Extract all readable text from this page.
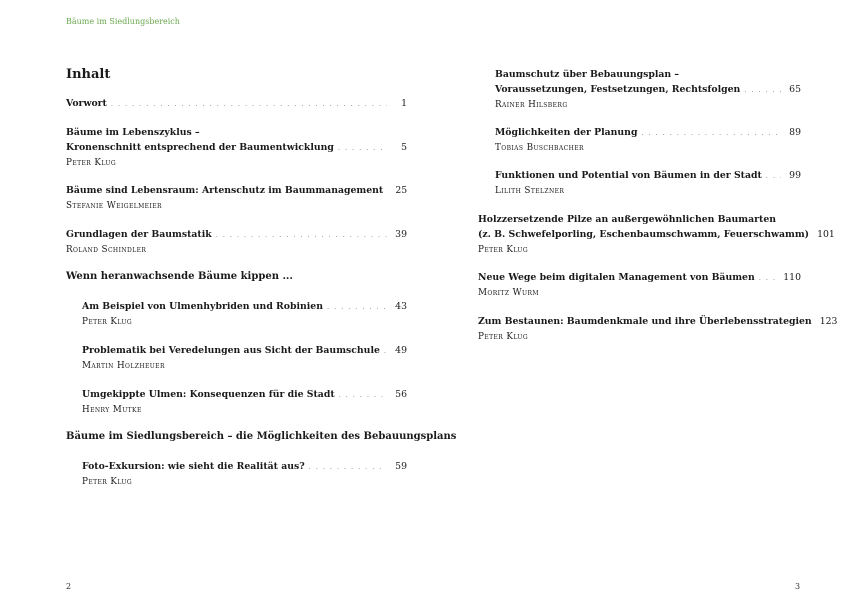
Bäume im Siedlungsbereich
Inhalt
Vorwort . . .	1
Bäume im Lebenszyklus –
Kronenschnitt entsprechend der Baumentwicklung . . .	5
Peter Klug
Bäume sind Lebensraum: Artenschutz im Baummanagement	25
Stefanie Weigelmeier
Grundlagen der Baumstatik . . .	39
Roland Schindler
Wenn heranwachsende Bäume kippen ...
Am Beispiel von Ulmenhybriden und Robinien . . .	43
Peter Klug
Problematik bei Veredelungen aus Sicht der Baumschule . . .	49
Martin Holzheuer
Umgekippte Ulmen: Konsequenzen für die Stadt . . .	56
Henry Mutke
Bäume im Siedlungsbereich – die Möglichkeiten des Bebauungsplans
Foto-Exkursion: wie sieht die Realität aus? . . .	59
Peter Klug
2
Baumschutz über Bebauungsplan –
Voraussetzungen, Festsetzungen, Rechtsfolgen . . .	65
Rainer Hilsberg
Möglichkeiten der Planung . . .	89
Tobias Buschbacher
Funktionen und Potential von Bäumen in der Stadt . . .	99
Lilith Stelzner
Holzzersetzende Pilze an außergewöhnlichen Baumarten
(z. B. Schwefelporling, Eschenbaumschwamm, Feuerschwamm) 101
Peter Klug
Neue Wege beim digitalen Management von Bäumen . . .	110
Moritz Wurm
Zum Bestaunen: Baumdenkmale und ihre Überlebensstrategien 123
Peter Klug
3
